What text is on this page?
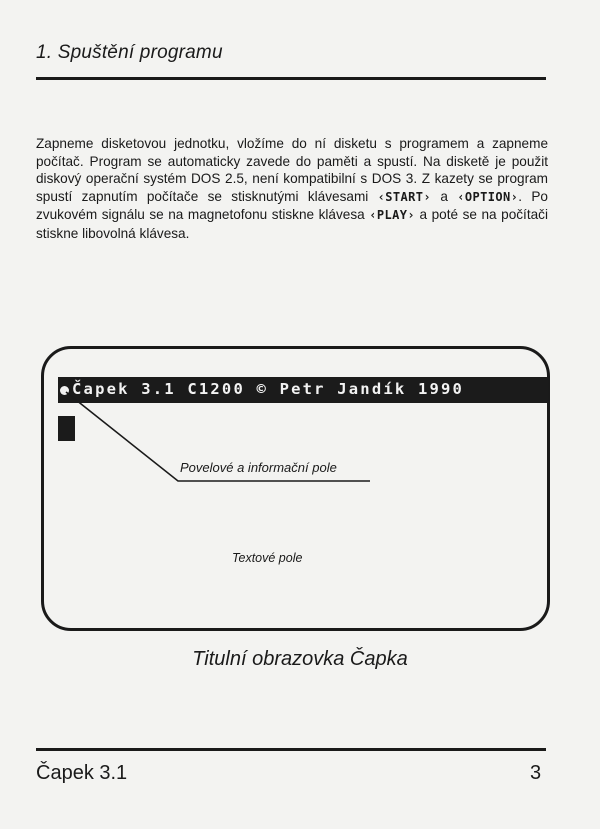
1. Spuštění programu
Zapneme disketovou jednotku, vložíme do ní disketu s programem a zapneme počítač. Program se automaticky zavede do paměti a spustí. Na disketě je použit diskový operační systém DOS 2.5, není kompatibilní s DOS 3. Z kazety se program spustí zapnutím počítače se stisknutými klávesami ‹START› a ‹OPTION›. Po zvukovém signálu se na magnetofonu stiskne klávesa ‹PLAY› a poté se na počítači stiskne libovolná klávesa.
Čapek 3.1 C1200 © Petr Jandík 1990
Povelové a informační pole
Textové pole
Titulní obrazovka Čapka
Čapek 3.1	3
